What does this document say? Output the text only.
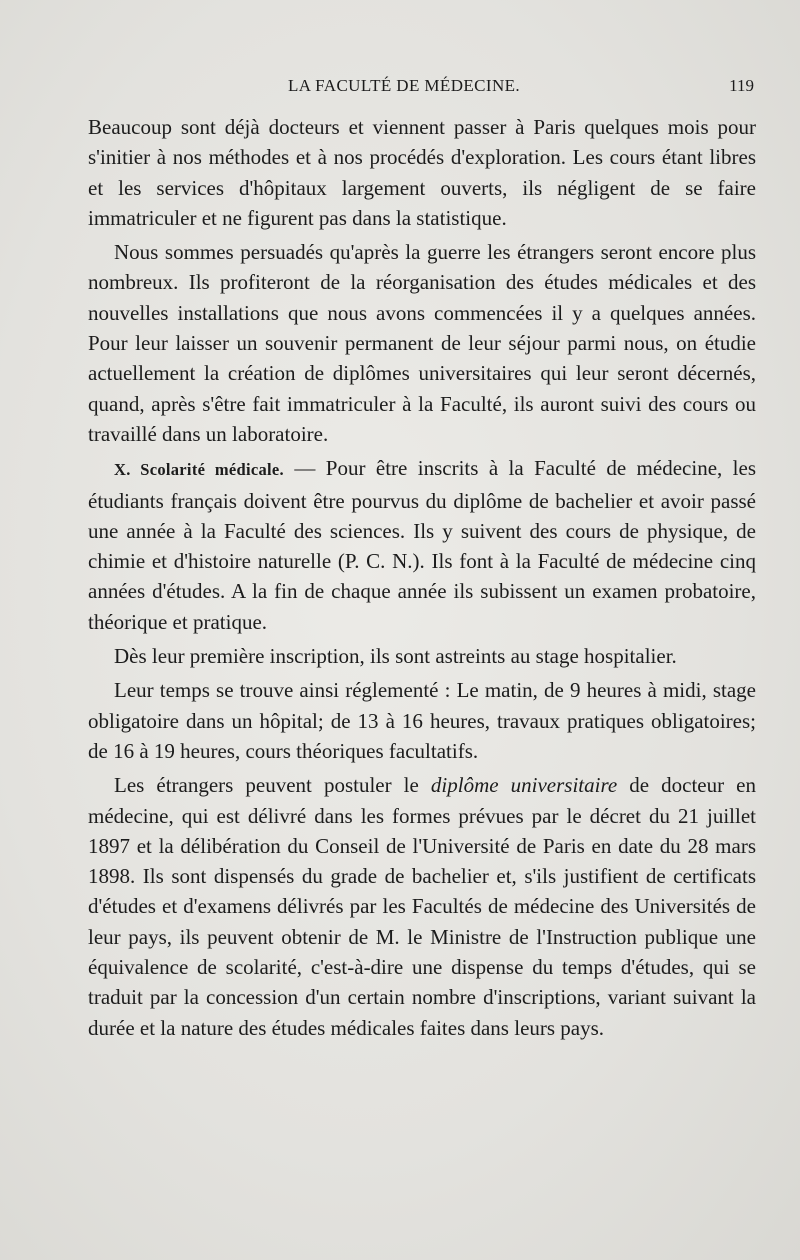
LA FACULTÉ DE MÉDECINE.	119

Beaucoup sont déjà docteurs et viennent passer à Paris quelques mois pour s'initier à nos méthodes et à nos procédés d'exploration. Les cours étant libres et les services d'hôpitaux largement ouverts, ils négligent de se faire immatriculer et ne figurent pas dans la statistique.

Nous sommes persuadés qu'après la guerre les étrangers seront encore plus nombreux. Ils profiteront de la réorganisation des études médicales et des nouvelles installations que nous avons commencées il y a quelques années. Pour leur laisser un souvenir permanent de leur séjour parmi nous, on étudie actuellement la création de diplômes universitaires qui leur seront décernés, quand, après s'être fait immatriculer à la Faculté, ils auront suivi des cours ou travaillé dans un laboratoire.

X. Scolarité médicale. — Pour être inscrits à la Faculté de médecine, les étudiants français doivent être pourvus du diplôme de bachelier et avoir passé une année à la Faculté des sciences. Ils y suivent des cours de physique, de chimie et d'histoire naturelle (P. C. N.). Ils font à la Faculté de médecine cinq années d'études. A la fin de chaque année ils subissent un examen probatoire, théorique et pratique.

Dès leur première inscription, ils sont astreints au stage hospitalier.

Leur temps se trouve ainsi réglementé : Le matin, de 9 heures à midi, stage obligatoire dans un hôpital; de 13 à 16 heures, travaux pratiques obligatoires; de 16 à 19 heures, cours théoriques facultatifs.

Les étrangers peuvent postuler le diplôme universitaire de docteur en médecine, qui est délivré dans les formes prévues par le décret du 21 juillet 1897 et la délibération du Conseil de l'Université de Paris en date du 28 mars 1898. Ils sont dispensés du grade de bachelier et, s'ils justifient de certificats d'études et d'examens délivrés par les Facultés de médecine des Universités de leur pays, ils peuvent obtenir de M. le Ministre de l'Instruction publique une équivalence de scolarité, c'est-à-dire une dispense du temps d'études, qui se traduit par la concession d'un certain nombre d'inscriptions, variant suivant la durée et la nature des études médicales faites dans leurs pays.
